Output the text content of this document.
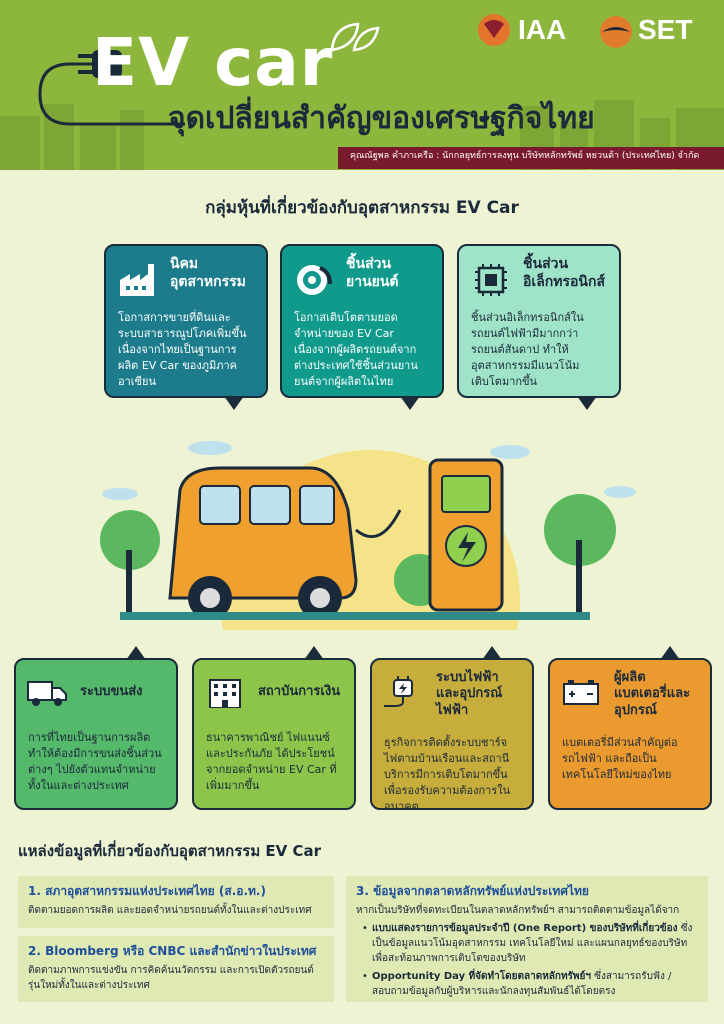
EV car
จุดเปลี่ยนสำคัญของเศรษฐกิจไทย
คุณณัฐพล คำภาเครือ : นักกลยุทธ์การลงทุน บริษัทหลักทรัพย์ หยวนต้า (ประเทศไทย) จำกัด
IAA	SET
กลุ่มหุ้นที่เกี่ยวข้องกับอุตสาหกรรม EV Car
นิคม
อุตสาหกรรม
โอกาสการขายที่ดินและระบบสาธารณูปโภคเพิ่มขึ้น เนื่องจากไทยเป็นฐานการผลิต EV Car ของภูมิภาคอาเซียน
ชิ้นส่วน
ยานยนต์
โอกาสเติบโตตามยอดจำหน่ายของ EV Car เนื่องจากผู้ผลิตรถยนต์จากต่างประเทศใช้ชิ้นส่วนยานยนต์จากผู้ผลิตในไทย
ชิ้นส่วน
อิเล็กทรอนิกส์
ชิ้นส่วนอิเล็กทรอนิกส์ในรถยนต์ไฟฟ้ามีมากกว่ารถยนต์สันดาป ทำให้อุตสาหกรรมมีแนวโน้มเติบโตมากขึ้น
ระบบขนส่ง
การที่ไทยเป็นฐานการผลิต ทำให้ต้องมีการขนส่งชิ้นส่วนต่างๆ ไปยังตัวแทนจำหน่ายทั้งในและต่างประเทศ
สถาบันการเงิน
ธนาคารพาณิชย์ ไฟแนนซ์ และประกันภัย ได้ประโยชน์จากยอดจำหน่าย EV Car ที่เพิ่มมากขึ้น
ระบบไฟฟ้าและอุปกรณ์ไฟฟ้า
ธุรกิจการติดตั้งระบบชาร์จไฟตามบ้านเรือนและสถานีบริการมีการเติบโตมากขึ้นเพื่อรองรับความต้องการในอนาคต
ผู้ผลิตแบตเตอรี่และอุปกรณ์
แบตเตอรี่มีส่วนสำคัญต่อรถไฟฟ้า และถือเป็นเทคโนโลยีใหม่ของไทย
แหล่งข้อมูลที่เกี่ยวข้องกับอุตสาหกรรม EV Car
1. สภาอุตสาหกรรมแห่งประเทศไทย (ส.อ.ท.)
ติดตามยอดการผลิต และยอดจำหน่ายรถยนต์ทั้งในและต่างประเทศ
2. Bloomberg หรือ CNBC และสำนักข่าวในประเทศ
ติดตามภาพการแข่งขัน การคิดค้นนวัตกรรม และการเปิดตัวรถยนต์รุ่นใหม่ทั้งในและต่างประเทศ
3. ข้อมูลจากตลาดหลักทรัพย์แห่งประเทศไทย
หากเป็นบริษัทที่จดทะเบียนในตลาดหลักทรัพย์ฯ สามารถติดตามข้อมูลได้จาก
• แบบแสดงรายการข้อมูลประจำปี (One Report) ของบริษัทที่เกี่ยวข้อง ซึ่งเป็นข้อมูลแนวโน้มอุตสาหกรรม เทคโนโลยีใหม่ และแผนกลยุทธ์ของบริษัทเพื่อสะท้อนภาพการเติบโตของบริษัท
• Opportunity Day ที่จัดทำโดยตลาดหลักทรัพย์ฯ ซึ่งสามารถรับฟัง / สอบถามข้อมูลกับผู้บริหารและนักลงทุนสัมพันธ์ได้โดยตรง
